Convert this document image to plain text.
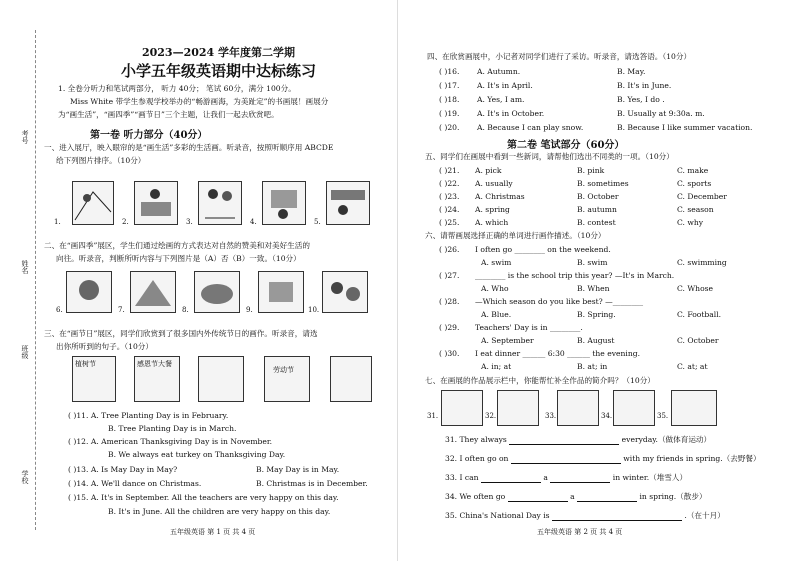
考号
姓名
班级
学校
2023—2024 学年度第二学期
小学五年级英语期中达标练习
1. 全卷分听力和笔试两部分， 听力 40分； 笔试 60分，满分 100分。
Miss White 带学生参观学校举办的“畅游画海，为美趾定”的书画展！画展分
为“画生活”，“画四季”“画节日”三个主题，让我们一起去欣赏吧。
第一卷 听力部分（40分）
一、进入展厅，映入眼帘的是“画生活”多彩的生活画。听录音，按照听顺序用 ABCDE
给下列图片排序。（10分）
1.	2.	3.	4.	5.
二、在“画四季”展区，学生们通过绘画的方式表达对自然的赞美和对美好生活的
向往。听录音，判断所听内容与下列图片是（A）否（B）一致。（10分）
6.	7.	8.	9.	10.
三、在“画节日”展区，同学们欣赏到了很多国内外传统节日的画作。听录音，请选
出你所听到的句子。（10分）
植树节	感恩节大餐
劳动节
( )11. A. Tree Planting Day is in February.
B. Tree Planting Day is in March.
( )12. A. American Thanksgiving Day is in November.
B. We always eat turkey on Thanksgiving Day.
( )13. A. Is May Day in May?	B. May Day is in May.
( )14. A. We'll dance on Christmas.	B. Christmas is in December.
( )15. A. It's in September. All the teachers are very happy on this day.
B. It's in June. All the children are very happy on this day.
五年级英语 第 1 页 共 4 页
四、在欣赏画展中，小记者对同学们进行了采访。听录音，请选答语。（10分）
( )16. A. Autumn.	B. May.
( )17. A. It's in April.	B. It's in June.
( )18. A. Yes, I am.	B. Yes, I do .
( )19. A. It's in October.	B. Usually at 9:30a. m.
( )20. A. Because I can play snow.	B. Because I like summer vacation.
第二卷 笔试部分（60分）
五、同学们在画展中看到一些新词，请帮他们选出不同类的一项。（10分）
( )21. A. pick	B. pink	C. make
( )22. A. usually	B. sometimes	C. sports
( )23. A. Christmas	B. October	C. December
( )24. A. spring	B. autumn	C. season
( )25. A. which	B. contest	C. why
六、请帮画展选择正确的单词进行画作描述。（10分）
( )26. I often go ________ on the weekend.
A. swim	B. swim	C. swimming
( )27. ________ is the school trip this year? —It's in March.
A. Who	B. When	C. Whose
( )28. —Which season do you like best? —________
A. Blue.	B. Spring.	C. Football.
( )29. Teachers' Day is in ________.
A. September	B. August	C. October
( )30. I eat dinner ______ 6:30 ______ the evening.
A. in; at	B. at; in	C. at; at
七、在画展的作品展示栏中，你能帮忙补全作品的简介吗？（10分）
31.	32.	33.	34.	35.
31. They always	everyday.（做体育运动）
32. I often go on	with my friends in spring.（去野餐）
33. I can	a	in winter.（堆雪人）
34. We often go	a	in spring.（散步）
35. China's National Day is	.（在十月）
五年级英语 第 2 页 共 4 页
